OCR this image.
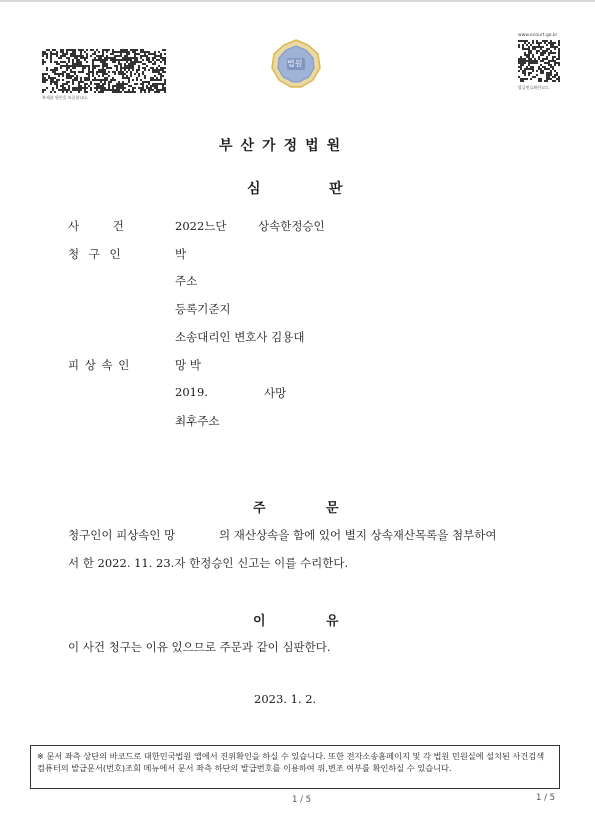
복제품 원본을 보증합니다.
법원
www.ecourt.go.kr
발급번호확인코드
부산가정법원
심	판
사 건	2022느단	상속한정승인
청 구 인	박
주소
등록기준지
소송대리인 변호사 김용대
피 상 속 인	망 박
2019.	사망
최후주소
주	문
청구인이 피상속인 망	의 재산상속을 함에 있어 별지 상속재산목록을 첨부하여
서 한 2022. 11. 23.자 한정승인 신고는 이를 수리한다.
이	유
이 사건 청구는 이유 있으므로 주문과 같이 심판한다.
2023. 1. 2.
※ 문서 좌측 상단의 바코드로 대한민국법원 앱에서 진위확인을 하실 수 있습니다. 또한 전자소송홈페이지 및 각 법원 민원실에 설치된 사건검색 컴퓨터의 발급문서(번호)조회 메뉴에서 문서 좌측 하단의 발급번호를 이용하여 위,변조 여부를 확인하실 수 있습니다.
1 / 5	1 / 5
